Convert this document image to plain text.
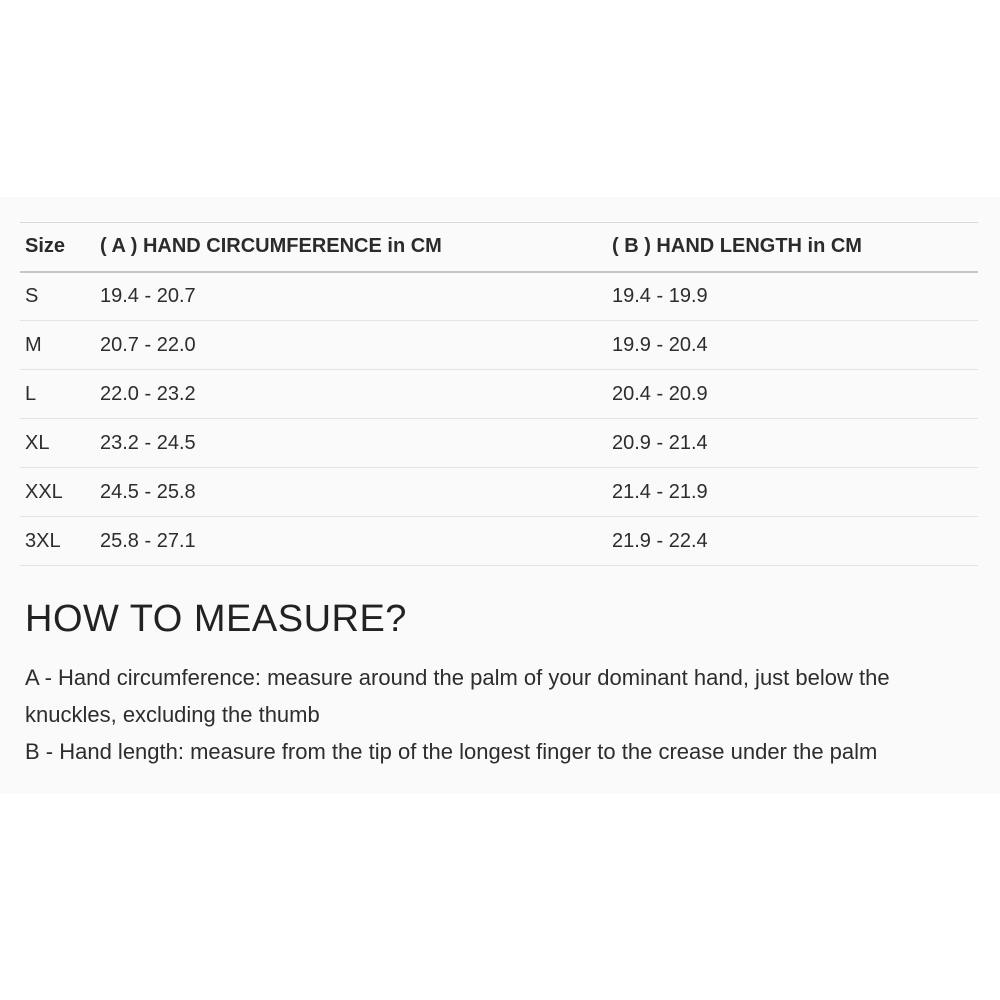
Size	( A ) HAND CIRCUMFERENCE in CM	( B ) HAND LENGTH in CM
S	19.4 - 20.7	19.4 - 19.9
M	20.7 - 22.0	19.9 - 20.4
L	22.0 - 23.2	20.4 - 20.9
XL	23.2 - 24.5	20.9 - 21.4
XXL	24.5 - 25.8	21.4 - 21.9
3XL	25.8 - 27.1	21.9 - 22.4
HOW TO MEASURE?

A - Hand circumference: measure around the palm of your dominant hand, just below the knuckles, excluding the thumb

B - Hand length: measure from the tip of the longest finger to the crease under the palm
